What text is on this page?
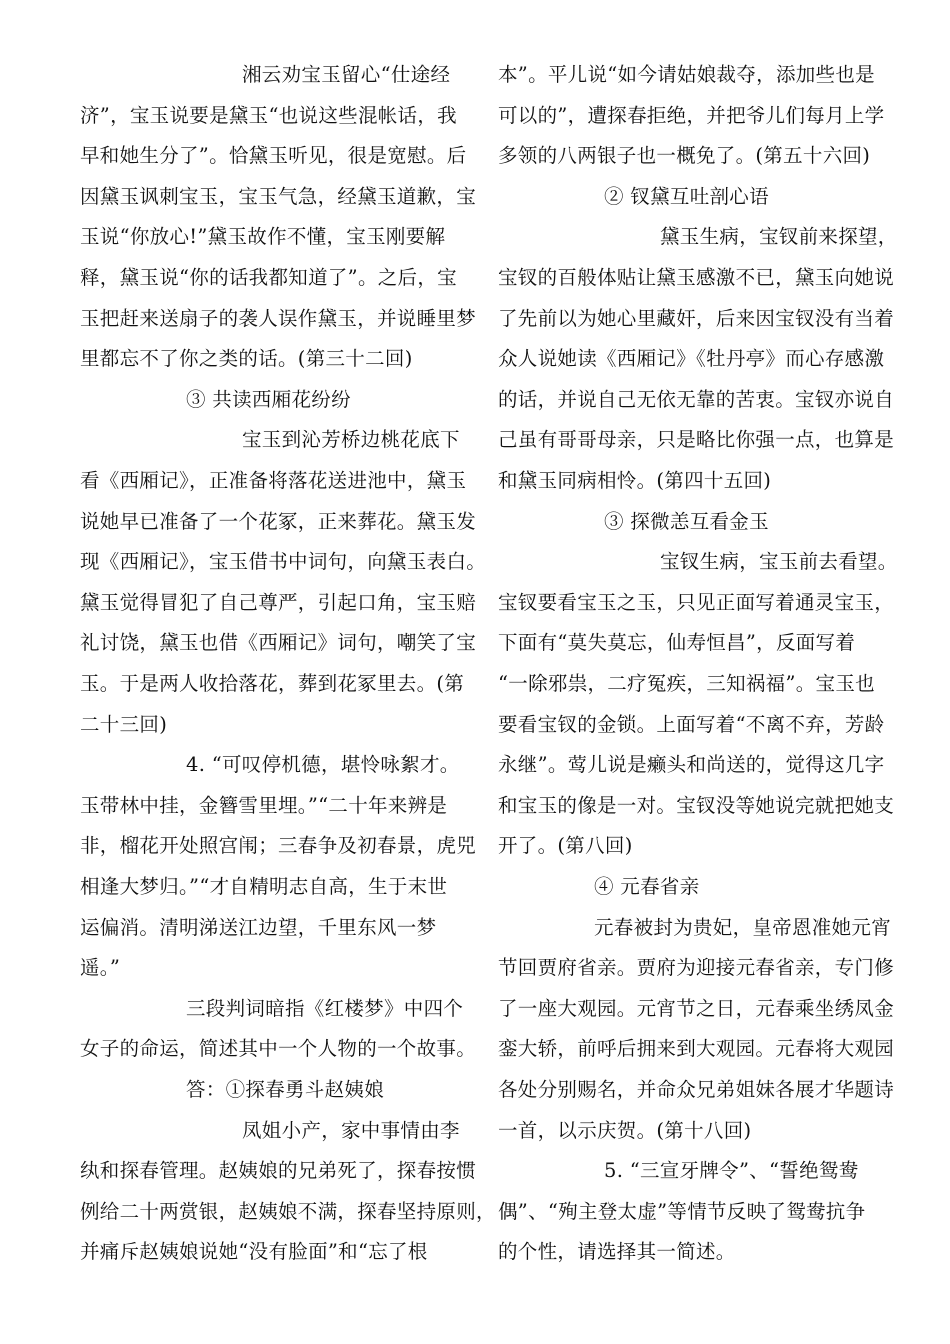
湘云劝宝玉留心“仕途经
济”，宝玉说要是黛玉“也说这些混帐话，我
早和她生分了”。恰黛玉听见，很是宽慰。后
因黛玉讽刺宝玉，宝玉气急，经黛玉道歉，宝
玉说“你放心!”黛玉故作不懂，宝玉刚要解
释，黛玉说“你的话我都知道了”。之后，宝
玉把赶来送扇子的袭人误作黛玉，并说睡里梦
里都忘不了你之类的话。(第三十二回)
③ 共读西厢花纷纷
宝玉到沁芳桥边桃花底下
看《西厢记》，正准备将落花送进池中，黛玉
说她早已准备了一个花冢，正来葬花。黛玉发
现《西厢记》，宝玉借书中词句，向黛玉表白。
黛玉觉得冒犯了自己尊严，引起口角，宝玉赔
礼讨饶，黛玉也借《西厢记》词句，嘲笑了宝
玉。于是两人收拾落花，葬到花冢里去。(第
二十三回)
4. “可叹停机德，堪怜咏絮才。
玉带林中挂，金簪雪里埋。”“二十年来辨是
非，榴花开处照宫闱；三春争及初春景，虎兕
相逢大梦归。”“才自精明志自高，生于末世
运偏消。清明涕送江边望，千里东风一梦
遥。”
三段判词暗指《红楼梦》中四个
女子的命运，简述其中一个人物的一个故事。
答：①探春勇斗赵姨娘
凤姐小产，家中事情由李
纨和探春管理。赵姨娘的兄弟死了，探春按惯
例给二十两赏银，赵姨娘不满，探春坚持原则，
并痛斥赵姨娘说她“没有脸面”和“忘了根
本”。平儿说“如今请姑娘裁夺，添加些也是
可以的”，遭探春拒绝，并把爷儿们每月上学
多领的八两银子也一概免了。(第五十六回)
② 钗黛互吐剖心语
黛玉生病，宝钗前来探望，
宝钗的百般体贴让黛玉感激不已，黛玉向她说
了先前以为她心里藏奸，后来因宝钗没有当着
众人说她读《西厢记》《牡丹亭》而心存感激
的话，并说自己无依无靠的苦衷。宝钗亦说自
己虽有哥哥母亲，只是略比你强一点，也算是
和黛玉同病相怜。(第四十五回)
③ 探微恙互看金玉
宝钗生病，宝玉前去看望。
宝钗要看宝玉之玉，只见正面写着通灵宝玉，
下面有“莫失莫忘，仙寿恒昌”，反面写着
“一除邪祟，二疗冤疾，三知祸福”。宝玉也
要看宝钗的金锁。上面写着“不离不弃，芳龄
永继”。莺儿说是癞头和尚送的，觉得这几字
和宝玉的像是一对。宝钗没等她说完就把她支
开了。(第八回)
④ 元春省亲
元春被封为贵妃，皇帝恩准她元宵
节回贾府省亲。贾府为迎接元春省亲，专门修
了一座大观园。元宵节之日，元春乘坐绣凤金
銮大轿，前呼后拥来到大观园。元春将大观园
各处分别赐名，并命众兄弟姐妹各展才华题诗
一首，以示庆贺。(第十八回)
5. “三宣牙牌令”、“誓绝鸳鸯
偶”、“殉主登太虚”等情节反映了鸳鸯抗争
的个性，请选择其一简述。
